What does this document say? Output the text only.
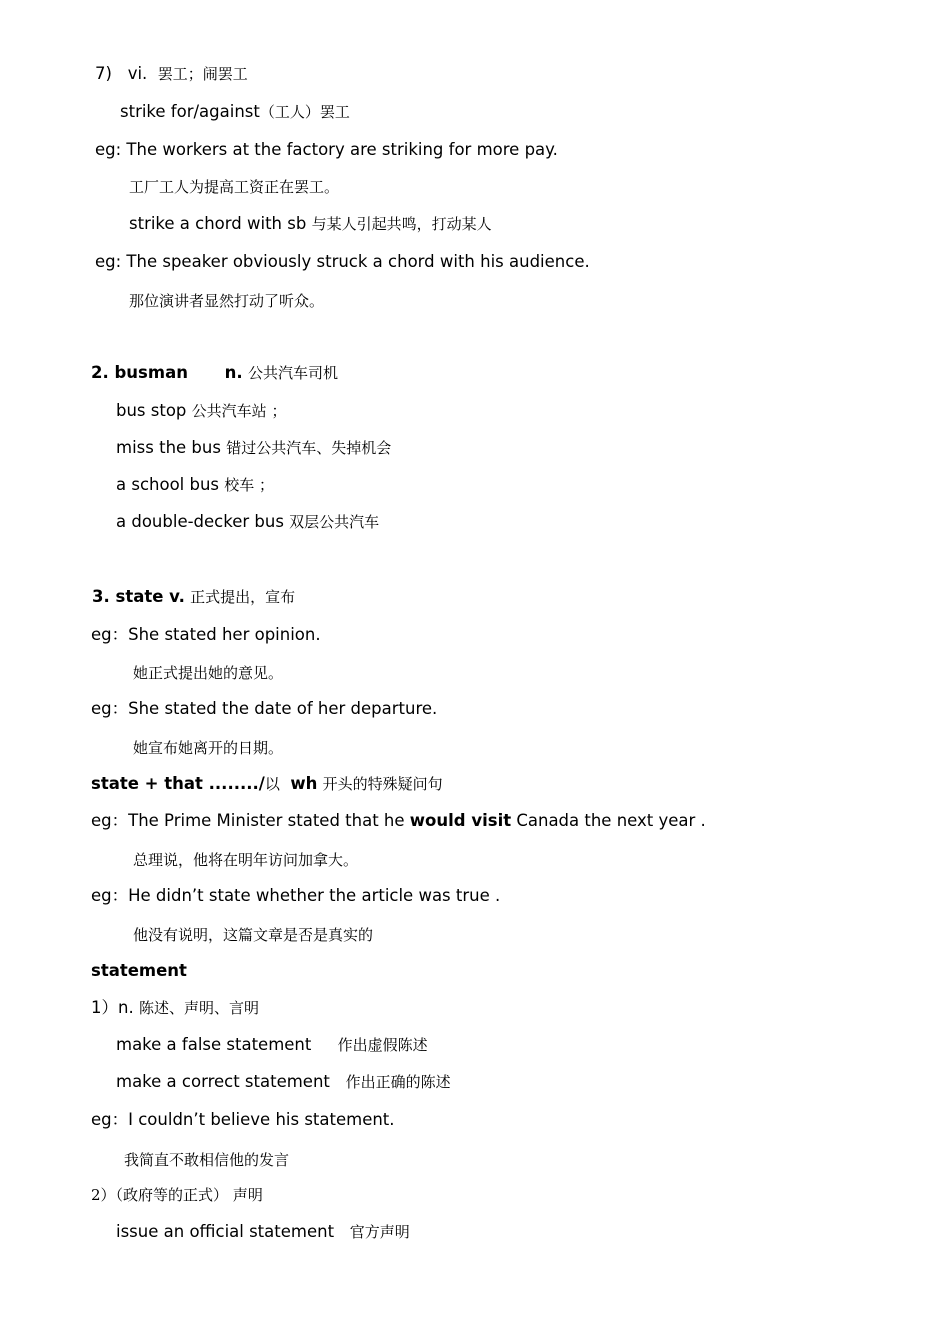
7) vi. 罢工；闹罢工
strike for/against（工人）罢工
eg: The workers at the factory are striking for more pay.
工厂工人为提高工资正在罢工。
strike a chord with sb 与某人引起共鸣，打动某人
eg: The speaker obviously struck a chord with his audience.
那位演讲者显然打动了听众。
2. busman n. 公共汽车司机
bus stop 公共汽车站 ；
miss the bus 错过公共汽车、失掉机会
a school bus 校车 ；
a double-decker bus 双层公共汽车
3. state v. 正式提出，宣布
eg：She stated her opinion.
她正式提出她的意见。
eg：She stated the date of her departure.
她宣布她离开的日期。
state + that ......../以 wh 开头的特殊疑问句
eg：The Prime Minister stated that he would visit Canada the next year .
总理说，他将在明年访问加拿大。
eg：He didn’t state whether the article was true .
他没有说明，这篇文章是否是真实的
statement
1）n. 陈述、声明、言明
make a false statement 作出虚假陈述
make a correct statement 作出正确的陈述
eg：I couldn’t believe his statement.
我简直不敢相信他的发言
2）（政府等的正式） 声明
issue an official statement 官方声明
